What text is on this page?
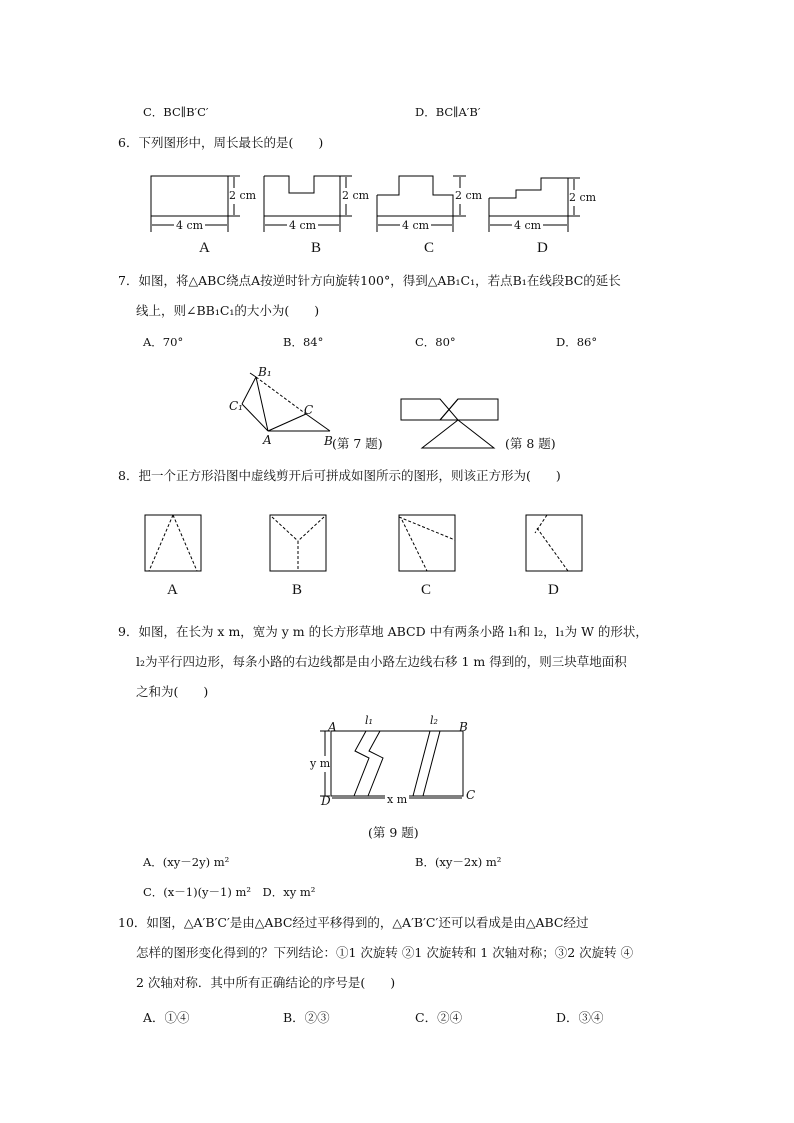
C．BC∥B′C′	D．BC∥A′B′
6．下列图形中，周长最长的是(　　)
4 cm
2 cm
4 cm
2 cm
4 cm
2 cm
4 cm
2 cm
A	B	C	D
7．如图，将△ABC绕点A按逆时针方向旋转100°，得到△AB₁C₁，若点B₁在线段BC的延长
线上，则∠BB₁C₁的大小为(　　)
A．70°	B．84°	C．80°	D．86°
B₁
C₁	C
A	B (第 7 题)	(第 8 题)
8．把一个正方形沿图中虚线剪开后可拼成如图所示的图形，则该正方形为(　　)
A	B	C	D
9．如图，在长为 x m，宽为 y m 的长方形草地 ABCD 中有两条小路 l₁和 l₂，l₁为 W 的形状，
l₂为平行四边形，每条小路的右边线都是由小路左边线右移 1 m 得到的，则三块草地面积
之和为(　　)
A	B
C
D
l₁	l₂
y m
x m
(第 9 题)
A．(xy－2y) m²	B．(xy－2x) m²
C．(x－1)(y－1) m²　D．xy m²
10．如图，△A′B′C′是由△ABC经过平移得到的，△A′B′C′还可以看成是由△ABC经过
怎样的图形变化得到的？下列结论：①1 次旋转 ②1 次旋转和 1 次轴对称；③2 次旋转 ④
2 次轴对称．其中所有正确结论的序号是(　　)
A．①④	B．②③	C．②④	D．③④
